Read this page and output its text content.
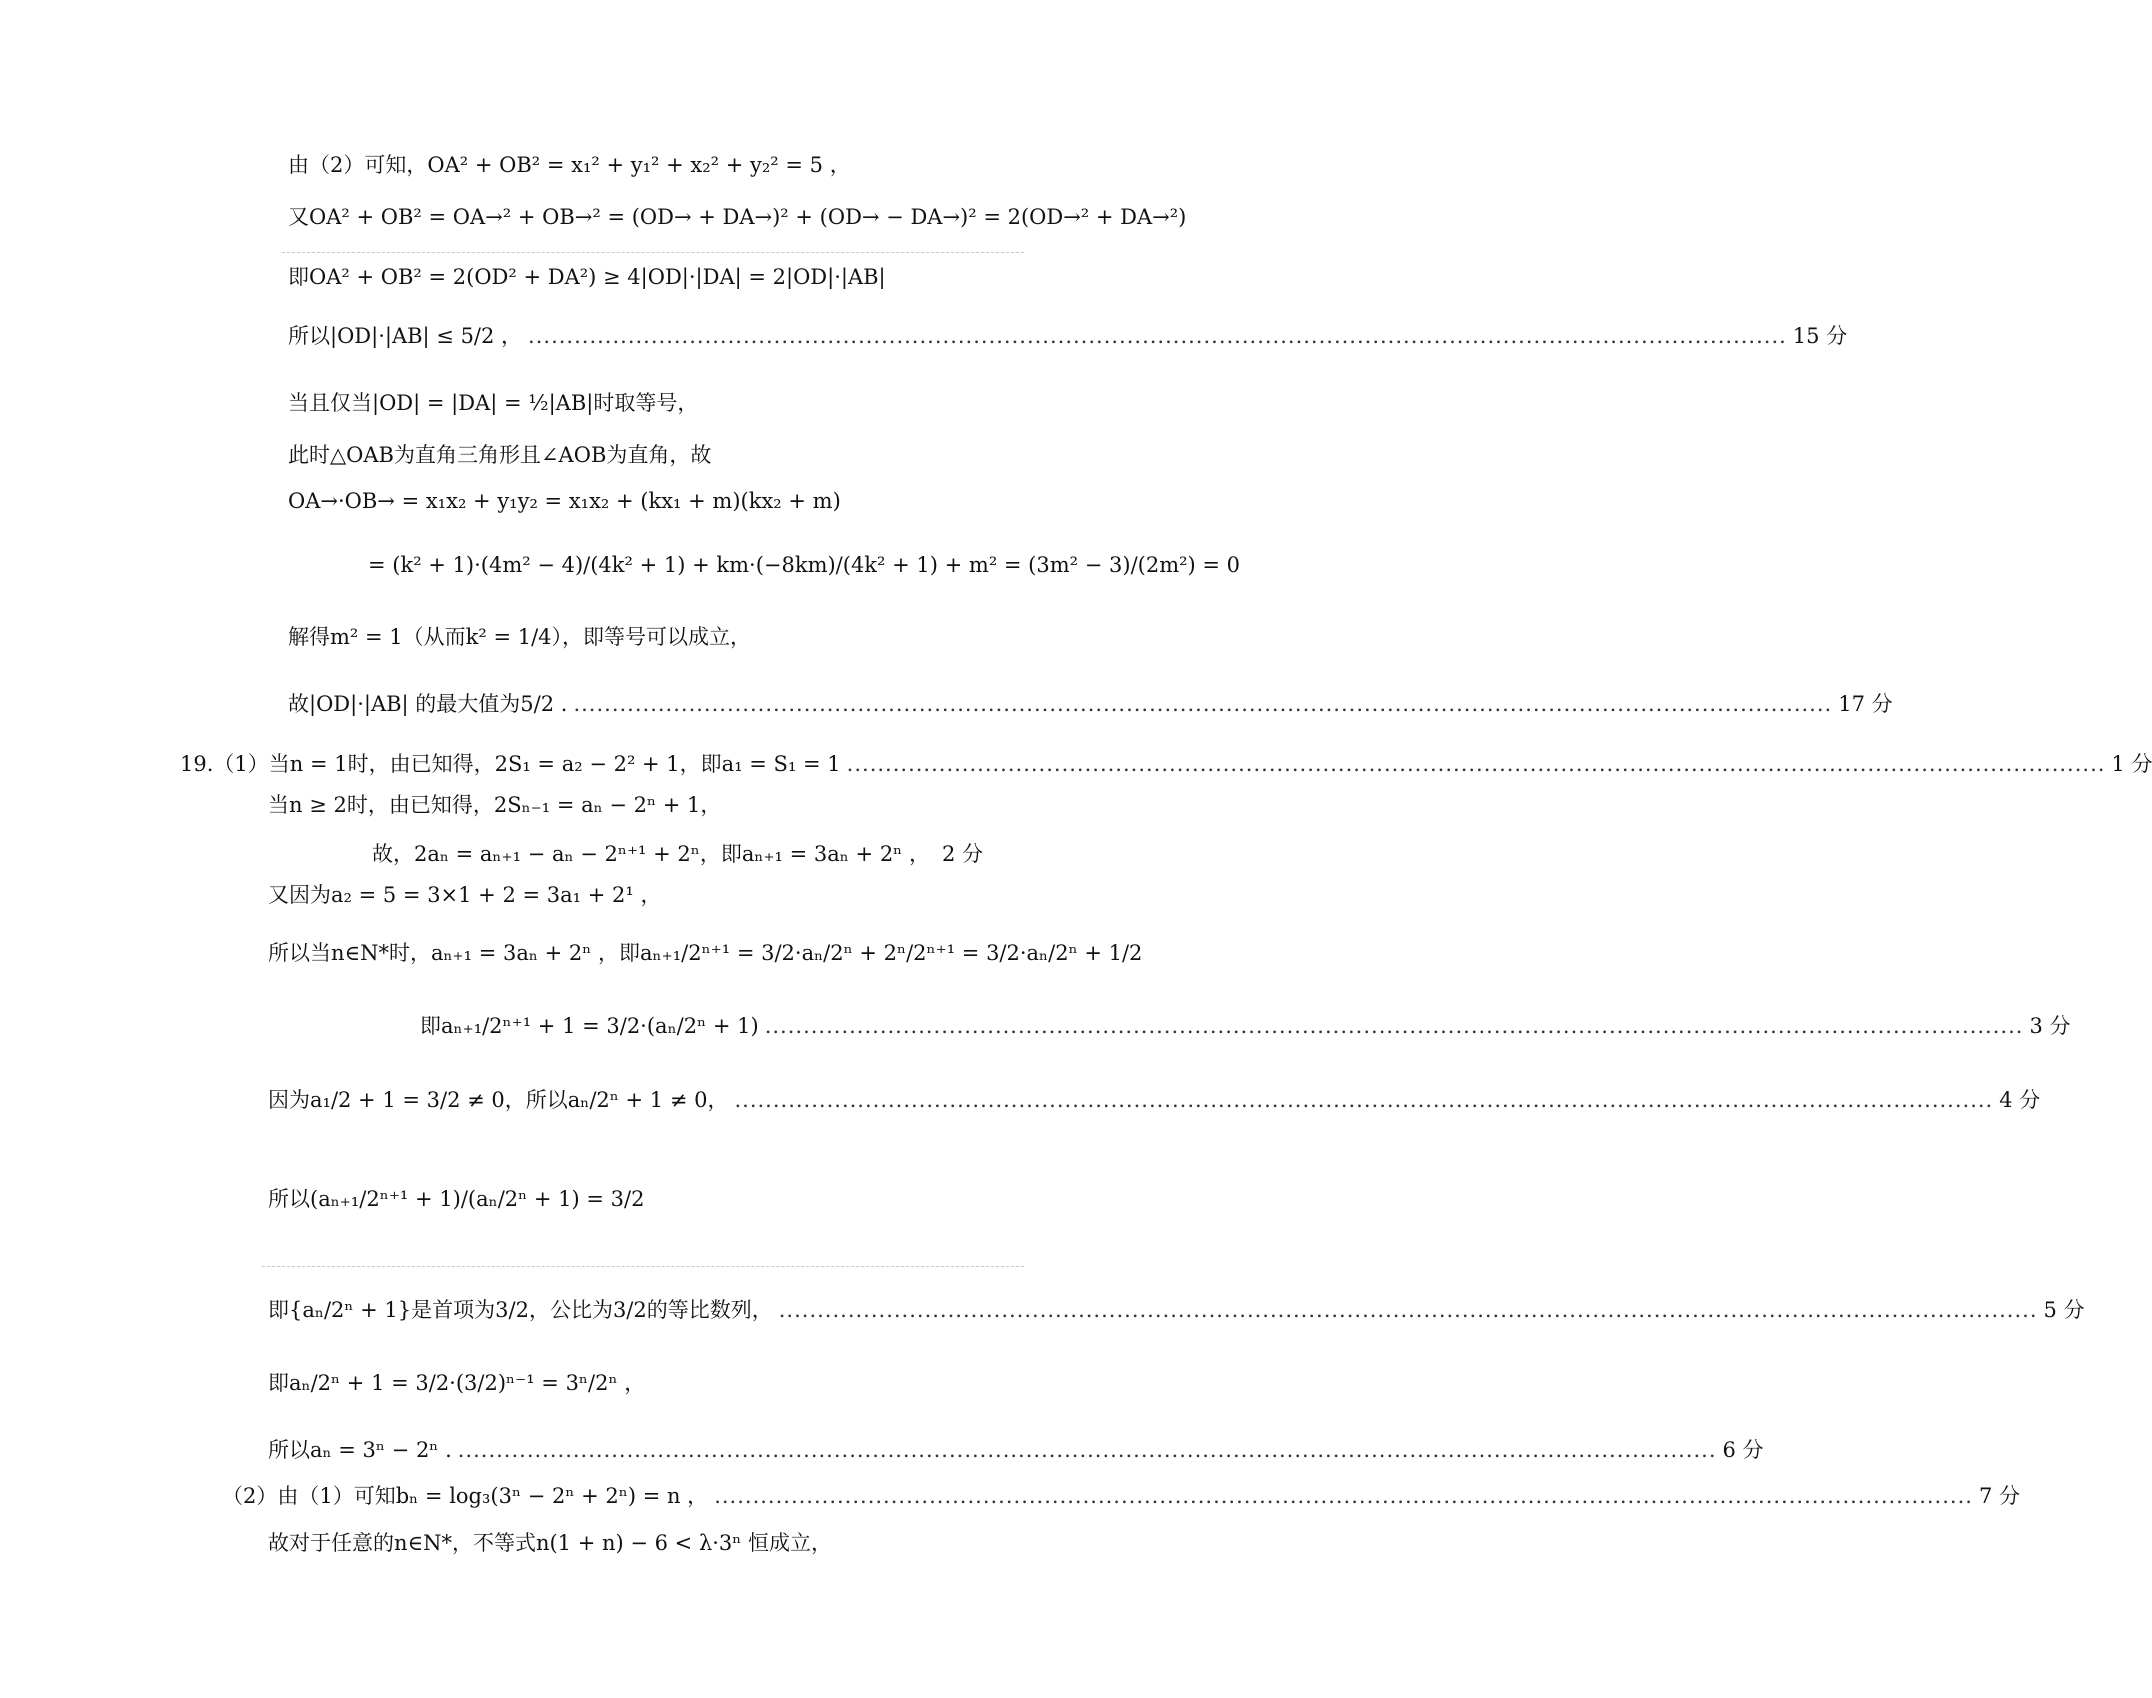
由（2）可知，OA² + OB² = x₁² + y₁² + x₂² + y₂² = 5 ，
又OA² + OB² = OA→² + OB→² = (OD→ + DA→)² + (OD→ − DA→)² = 2(OD→² + DA→²)
即OA² + OB² = 2(OD² + DA²) ≥ 4|OD|·|DA| = 2|OD|·|AB|
所以|OD|·|AB| ≤ 5/2 ， .................................................................................................................................................................... 15 分
当且仅当|OD| = |DA| = ½|AB|时取等号，
此时△OAB为直角三角形且∠AOB为直角，故
OA→·OB→ = x₁x₂ + y₁y₂ = x₁x₂ + (kx₁ + m)(kx₂ + m)
= (k² + 1)·(4m² − 4)/(4k² + 1) + km·(−8km)/(4k² + 1) + m² = (3m² − 3)/(2m²) = 0
解得m² = 1（从而k² = 1/4），即等号可以成立，
故|OD|·|AB| 的最大值为5/2 . .................................................................................................................................................................... 17 分
19.（1）当n = 1时，由已知得，2S₁ = a₂ − 2² + 1，即a₁ = S₁ = 1 .................................................................................................................................................................... 1 分
当n ≥ 2时，由已知得，2Sₙ₋₁ = aₙ − 2ⁿ + 1，
故，2aₙ = aₙ₊₁ − aₙ − 2ⁿ⁺¹ + 2ⁿ，即aₙ₊₁ = 3aₙ + 2ⁿ ， 2 分
又因为a₂ = 5 = 3×1 + 2 = 3a₁ + 2¹ ，
所以当n∈N*时，aₙ₊₁ = 3aₙ + 2ⁿ ，即aₙ₊₁/2ⁿ⁺¹ = 3/2·aₙ/2ⁿ + 2ⁿ/2ⁿ⁺¹ = 3/2·aₙ/2ⁿ + 1/2
即aₙ₊₁/2ⁿ⁺¹ + 1 = 3/2·(aₙ/2ⁿ + 1) .................................................................................................................................................................... 3 分
因为a₁/2 + 1 = 3/2 ≠ 0，所以aₙ/2ⁿ + 1 ≠ 0， .................................................................................................................................................................... 4 分
所以(aₙ₊₁/2ⁿ⁺¹ + 1)/(aₙ/2ⁿ + 1) = 3/2
即{aₙ/2ⁿ + 1}是首项为3/2，公比为3/2的等比数列， .................................................................................................................................................................... 5 分
即aₙ/2ⁿ + 1 = 3/2·(3/2)ⁿ⁻¹ = 3ⁿ/2ⁿ ，
所以aₙ = 3ⁿ − 2ⁿ . .................................................................................................................................................................... 6 分
（2）由（1）可知bₙ = log₃(3ⁿ − 2ⁿ + 2ⁿ) = n ， .................................................................................................................................................................... 7 分
故对于任意的n∈N*，不等式n(1 + n) − 6 < λ·3ⁿ 恒成立，
